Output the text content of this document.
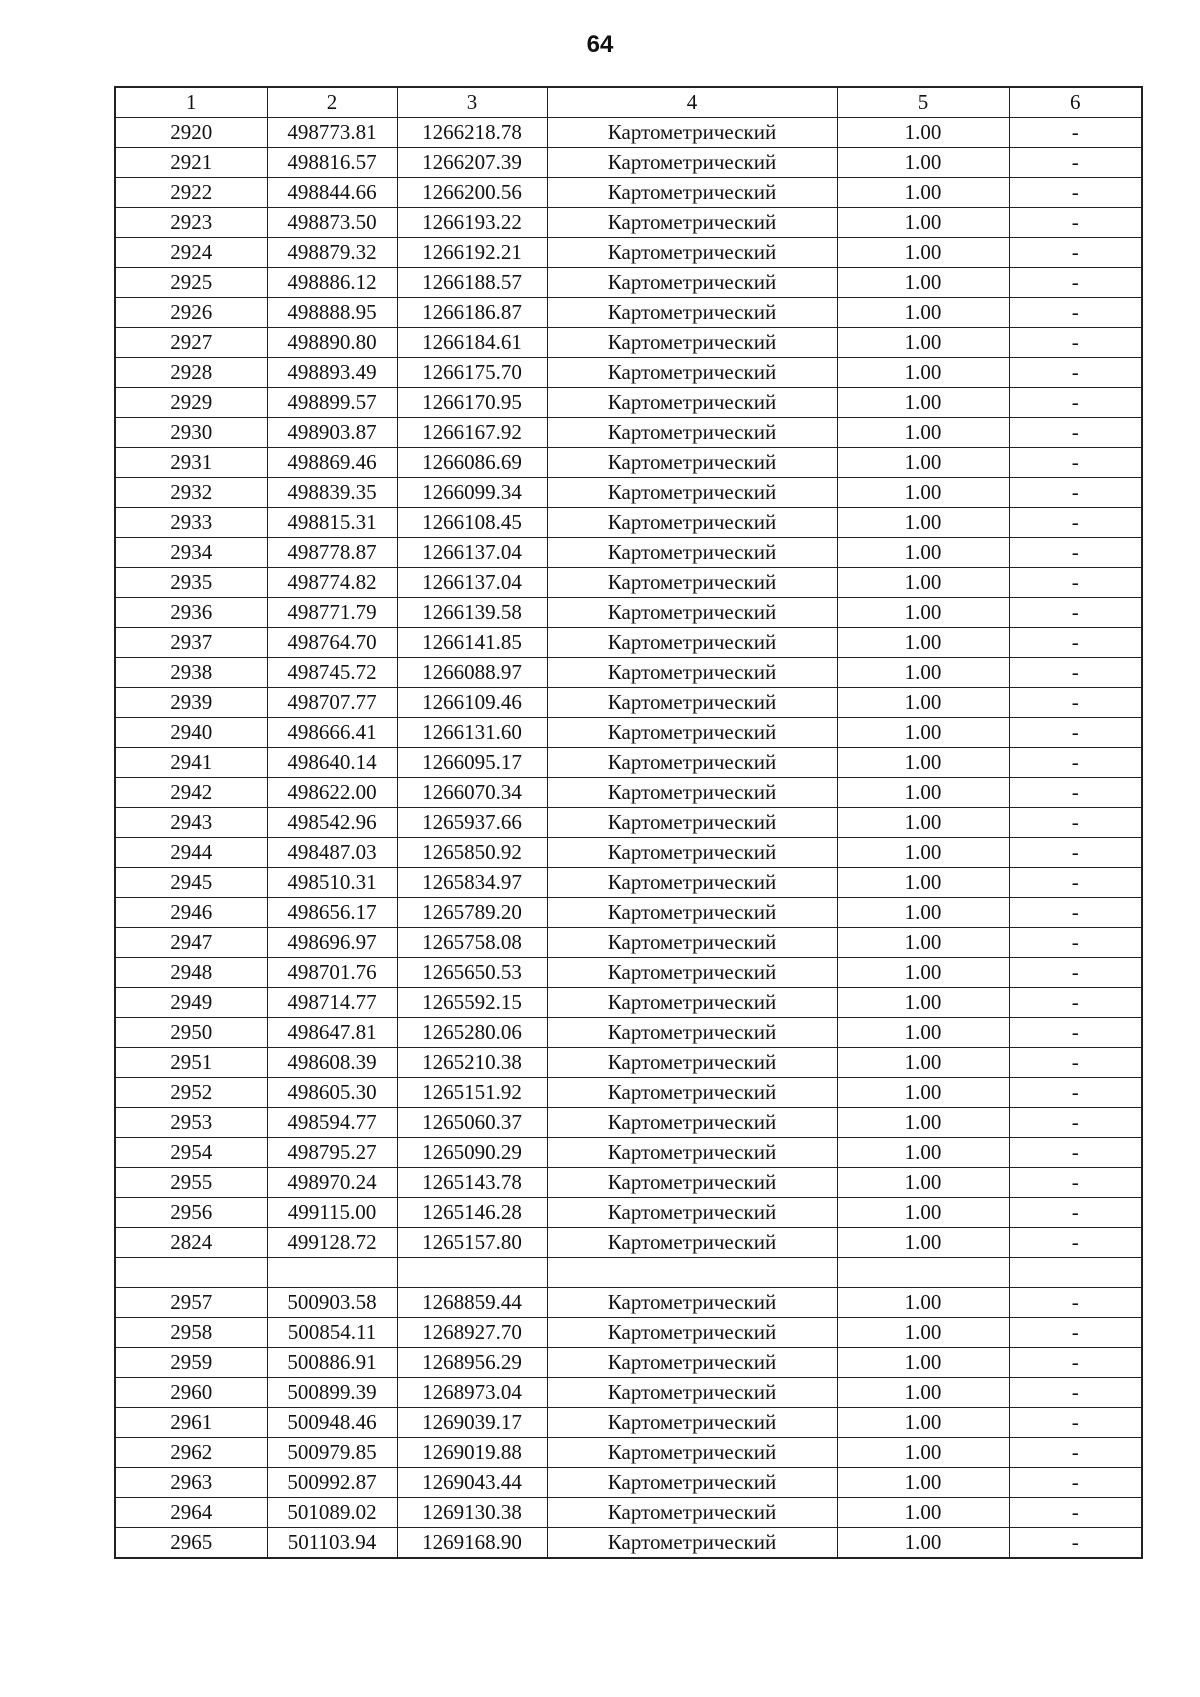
64
1	2	3	4	5	6
2920	498773.81	1266218.78	Картометрический	1.00	-
2921	498816.57	1266207.39	Картометрический	1.00	-
2922	498844.66	1266200.56	Картометрический	1.00	-
2923	498873.50	1266193.22	Картометрический	1.00	-
2924	498879.32	1266192.21	Картометрический	1.00	-
2925	498886.12	1266188.57	Картометрический	1.00	-
2926	498888.95	1266186.87	Картометрический	1.00	-
2927	498890.80	1266184.61	Картометрический	1.00	-
2928	498893.49	1266175.70	Картометрический	1.00	-
2929	498899.57	1266170.95	Картометрический	1.00	-
2930	498903.87	1266167.92	Картометрический	1.00	-
2931	498869.46	1266086.69	Картометрический	1.00	-
2932	498839.35	1266099.34	Картометрический	1.00	-
2933	498815.31	1266108.45	Картометрический	1.00	-
2934	498778.87	1266137.04	Картометрический	1.00	-
2935	498774.82	1266137.04	Картометрический	1.00	-
2936	498771.79	1266139.58	Картометрический	1.00	-
2937	498764.70	1266141.85	Картометрический	1.00	-
2938	498745.72	1266088.97	Картометрический	1.00	-
2939	498707.77	1266109.46	Картометрический	1.00	-
2940	498666.41	1266131.60	Картометрический	1.00	-
2941	498640.14	1266095.17	Картометрический	1.00	-
2942	498622.00	1266070.34	Картометрический	1.00	-
2943	498542.96	1265937.66	Картометрический	1.00	-
2944	498487.03	1265850.92	Картометрический	1.00	-
2945	498510.31	1265834.97	Картометрический	1.00	-
2946	498656.17	1265789.20	Картометрический	1.00	-
2947	498696.97	1265758.08	Картометрический	1.00	-
2948	498701.76	1265650.53	Картометрический	1.00	-
2949	498714.77	1265592.15	Картометрический	1.00	-
2950	498647.81	1265280.06	Картометрический	1.00	-
2951	498608.39	1265210.38	Картометрический	1.00	-
2952	498605.30	1265151.92	Картометрический	1.00	-
2953	498594.77	1265060.37	Картометрический	1.00	-
2954	498795.27	1265090.29	Картометрический	1.00	-
2955	498970.24	1265143.78	Картометрический	1.00	-
2956	499115.00	1265146.28	Картометрический	1.00	-
2824	499128.72	1265157.80	Картометрический	1.00	-

2957	500903.58	1268859.44	Картометрический	1.00	-
2958	500854.11	1268927.70	Картометрический	1.00	-
2959	500886.91	1268956.29	Картометрический	1.00	-
2960	500899.39	1268973.04	Картометрический	1.00	-
2961	500948.46	1269039.17	Картометрический	1.00	-
2962	500979.85	1269019.88	Картометрический	1.00	-
2963	500992.87	1269043.44	Картометрический	1.00	-
2964	501089.02	1269130.38	Картометрический	1.00	-
2965	501103.94	1269168.90	Картометрический	1.00	-
